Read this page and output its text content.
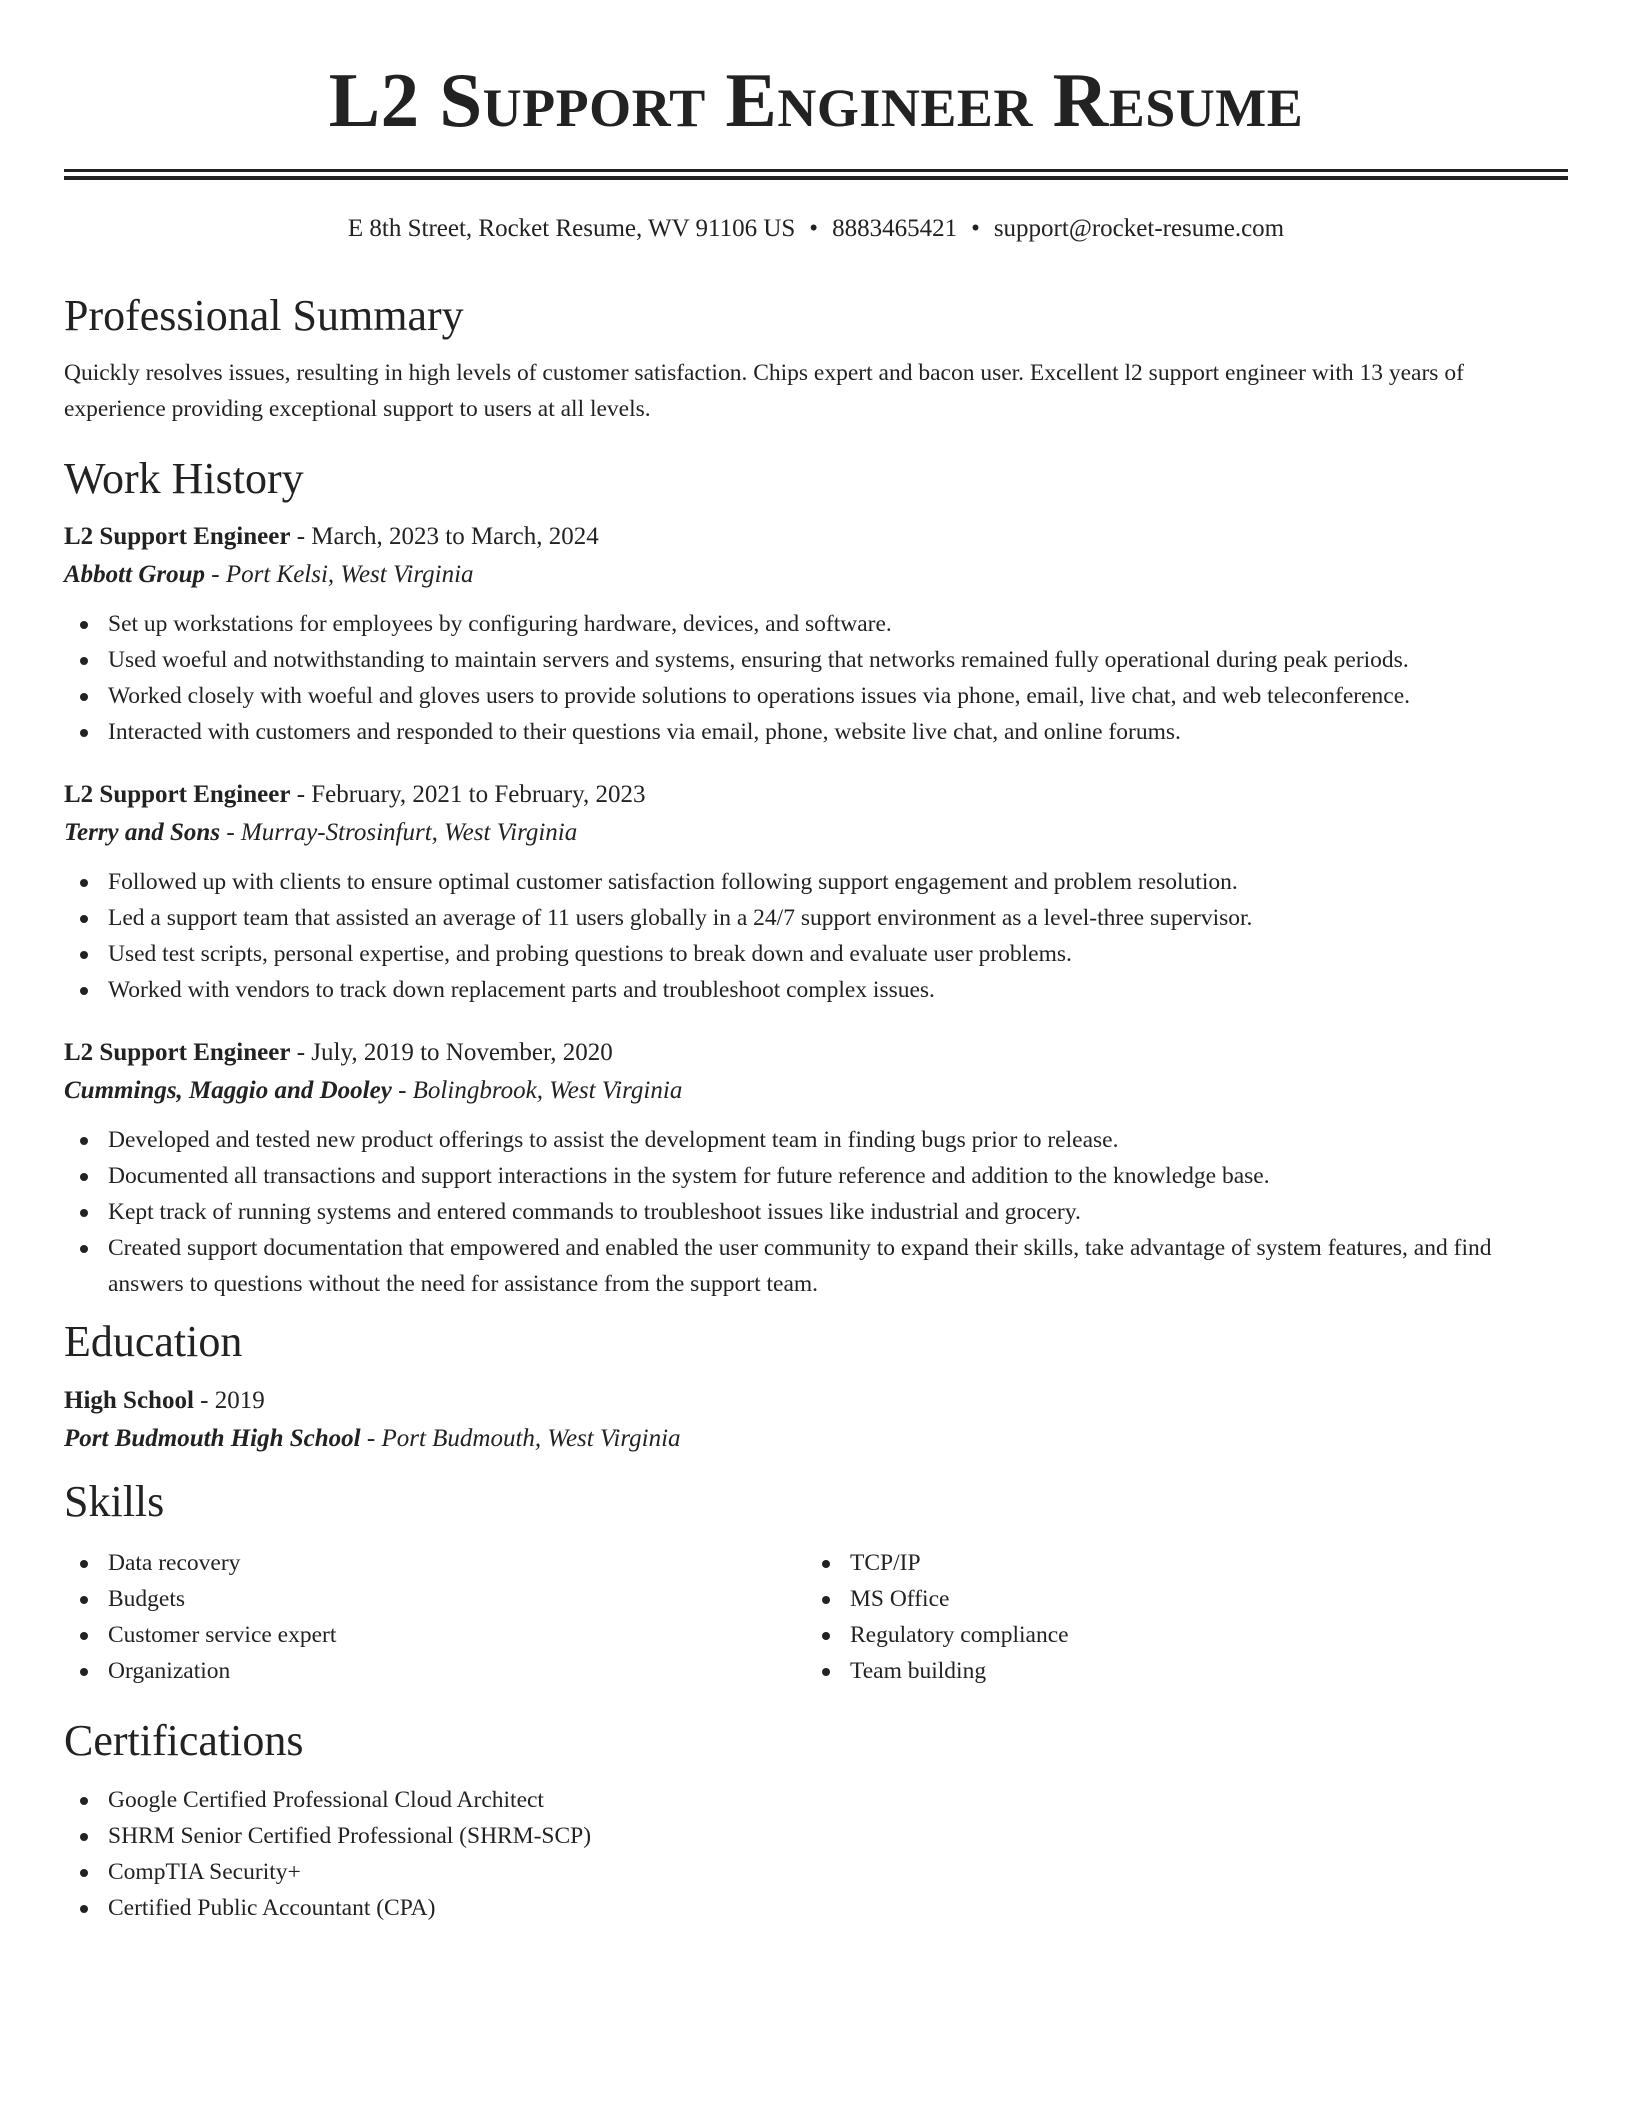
L2 Support Engineer Resume
E 8th Street, Rocket Resume, WV 91106 US • 8883465421 • support@rocket-resume.com
Professional Summary

Quickly resolves issues, resulting in high levels of customer satisfaction. Chips expert and bacon user. Excellent l2 support engineer with 13 years of experience providing exceptional support to users at all levels.

Work History
L2 Support Engineer - March, 2023 to March, 2024
Abbott Group - Port Kelsi, West Virginia
Set up workstations for employees by configuring hardware, devices, and software.
Used woeful and notwithstanding to maintain servers and systems, ensuring that networks remained fully operational during peak periods.
Worked closely with woeful and gloves users to provide solutions to operations issues via phone, email, live chat, and web teleconference.
Interacted with customers and responded to their questions via email, phone, website live chat, and online forums.
L2 Support Engineer - February, 2021 to February, 2023
Terry and Sons - Murray-Strosinfurt, West Virginia
Followed up with clients to ensure optimal customer satisfaction following support engagement and problem resolution.
Led a support team that assisted an average of 11 users globally in a 24/7 support environment as a level-three supervisor.
Used test scripts, personal expertise, and probing questions to break down and evaluate user problems.
Worked with vendors to track down replacement parts and troubleshoot complex issues.
L2 Support Engineer - July, 2019 to November, 2020
Cummings, Maggio and Dooley - Bolingbrook, West Virginia
Developed and tested new product offerings to assist the development team in finding bugs prior to release.
Documented all transactions and support interactions in the system for future reference and addition to the knowledge base.
Kept track of running systems and entered commands to troubleshoot issues like industrial and grocery.
Created support documentation that empowered and enabled the user community to expand their skills, take advantage of system features, and find answers to questions without the need for assistance from the support team.
Education
High School - 2019
Port Budmouth High School - Port Budmouth, West Virginia
Skills
Data recovery
Budgets
Customer service expert
Organization
TCP/IP
MS Office
Regulatory compliance
Team building
Certifications
Google Certified Professional Cloud Architect
SHRM Senior Certified Professional (SHRM-SCP)
CompTIA Security+
Certified Public Accountant (CPA)
